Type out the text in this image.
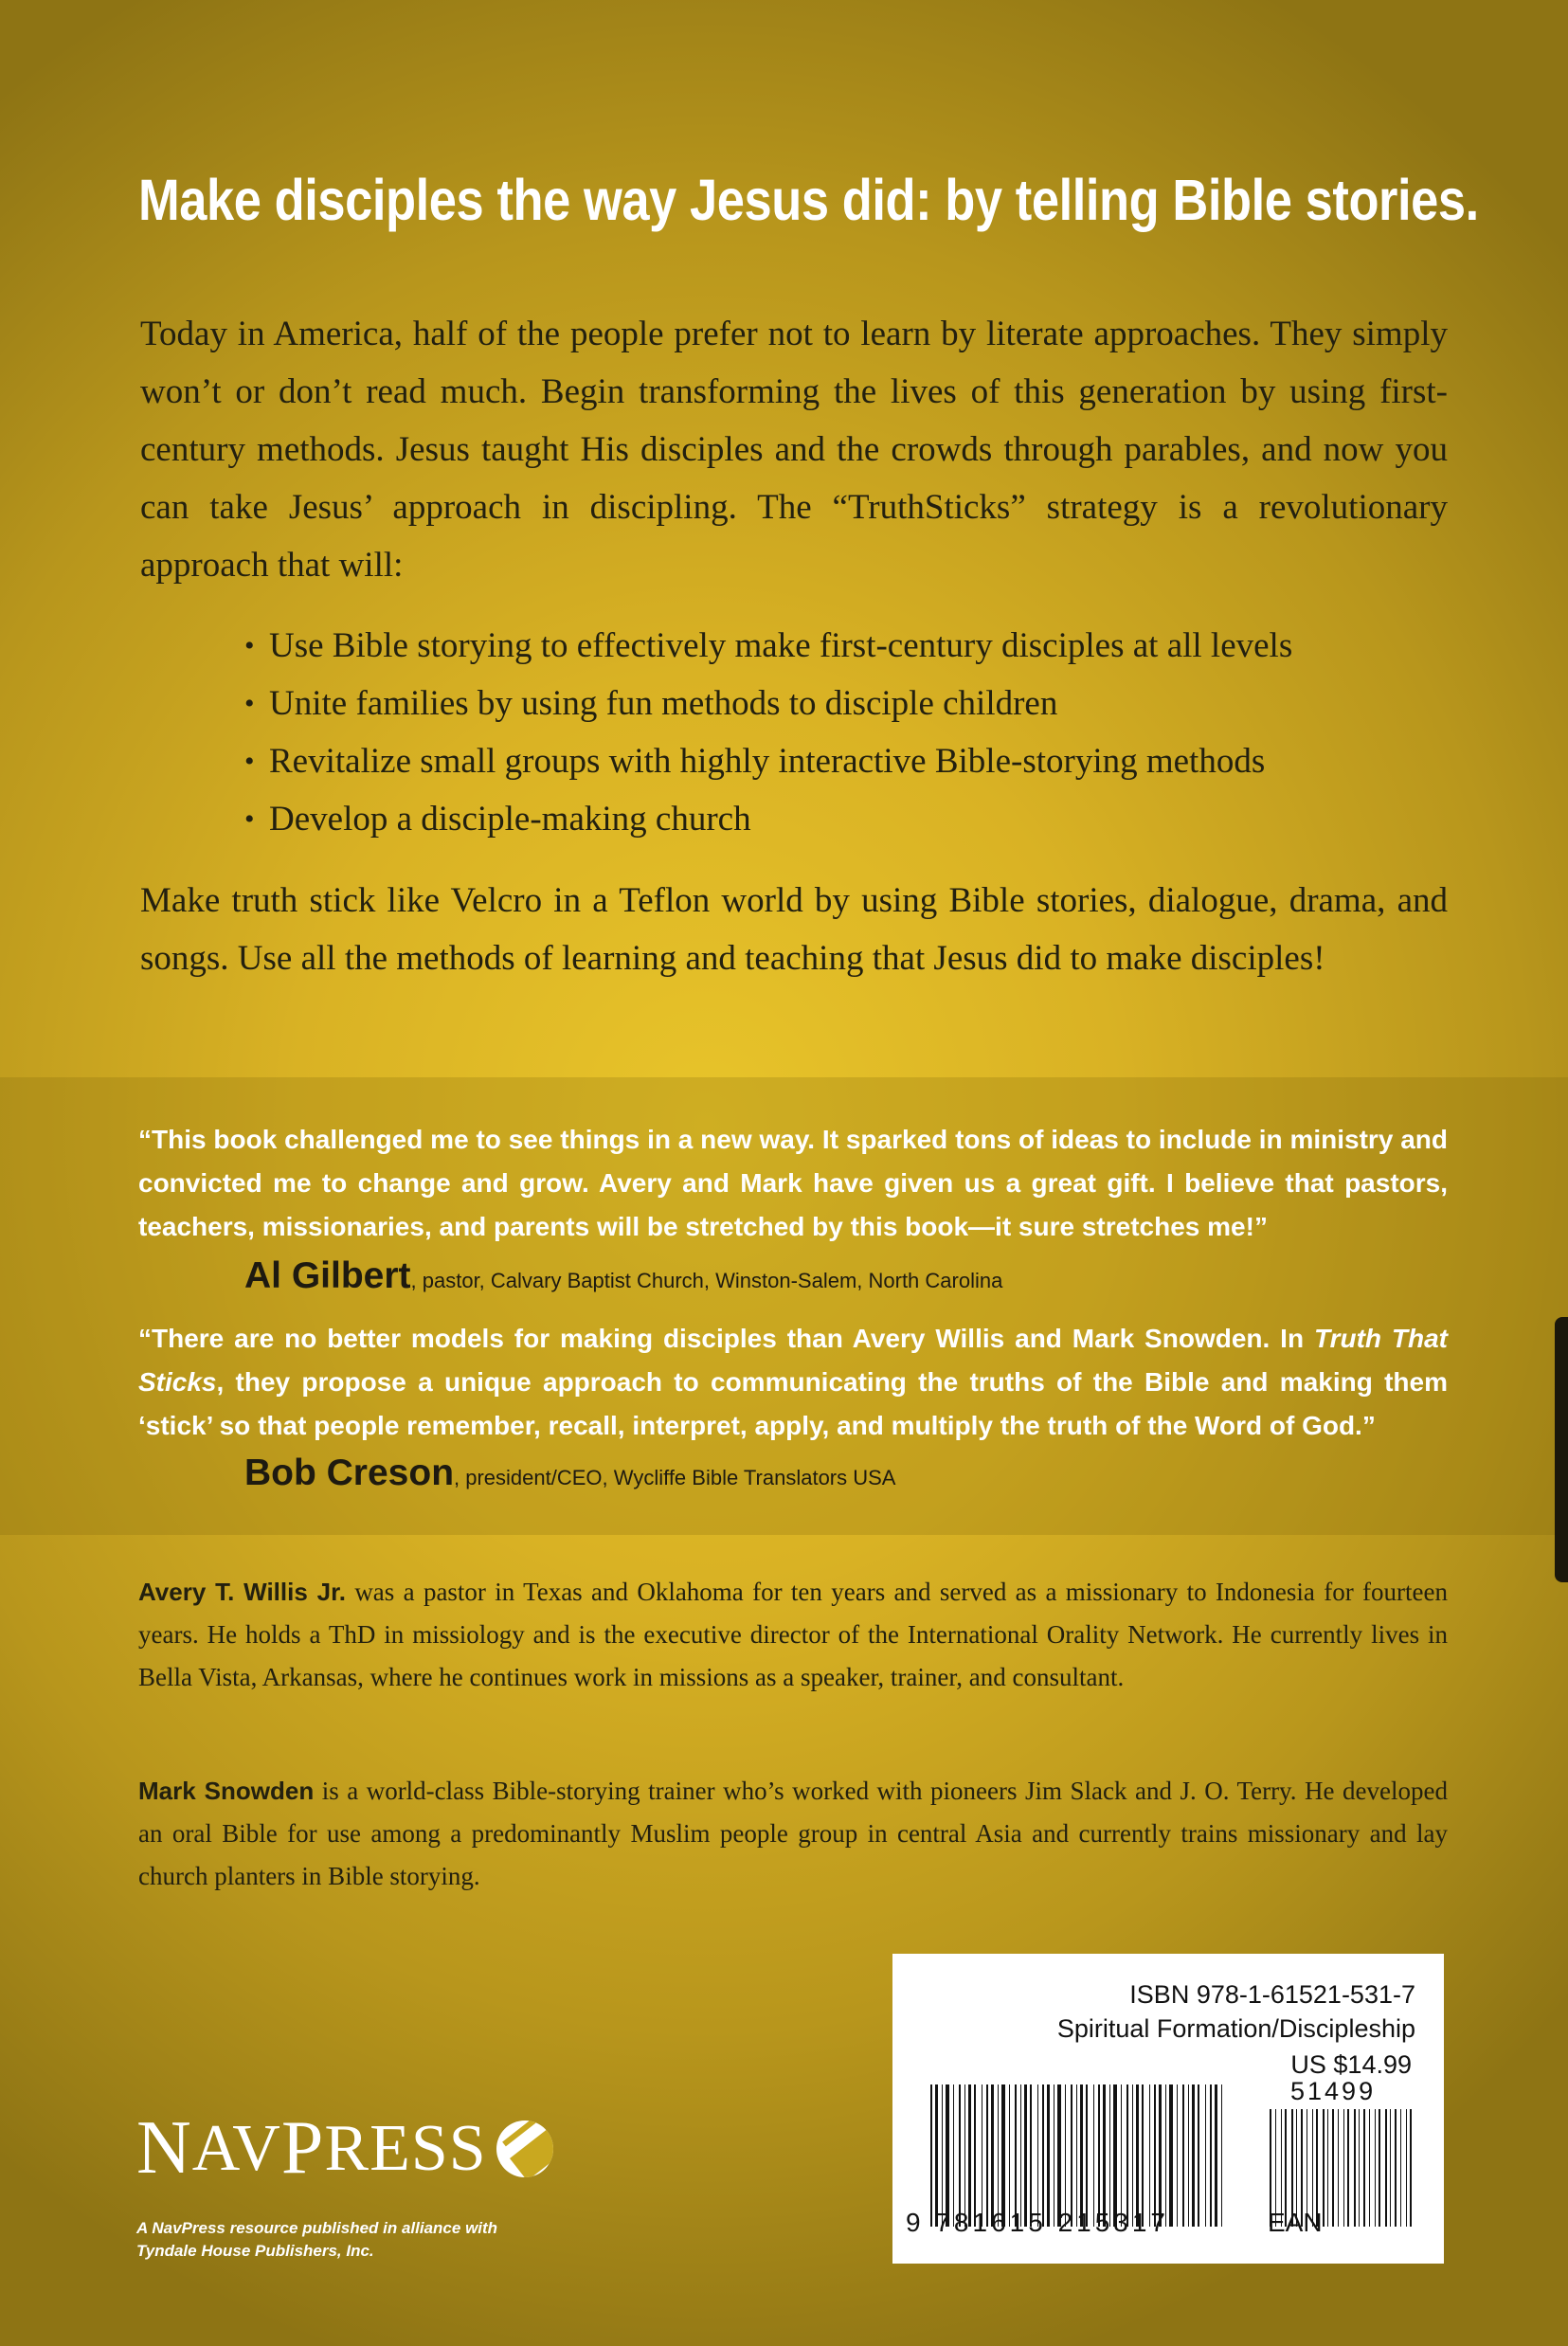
Make disciples the way Jesus did: by telling Bible stories.

Today in America, half of the people prefer not to learn by literate approaches. They simply won’t or don’t read much. Begin transforming the lives of this generation by using first-century methods. Jesus taught His disciples and the crowds through parables, and now you can take Jesus’ approach in discipling. The “TruthSticks” strategy is a revolutionary approach that will:

• Use Bible storying to effectively make first-century disciples at all levels
• Unite families by using fun methods to disciple children
• Revitalize small groups with highly interactive Bible-storying methods
• Develop a disciple-making church

Make truth stick like Velcro in a Teflon world by using Bible stories, dialogue, drama, and songs. Use all the methods of learning and teaching that Jesus did to make disciples!

“This book challenged me to see things in a new way. It sparked tons of ideas to include in ministry and convicted me to change and grow. Avery and Mark have given us a great gift. I believe that pastors, teachers, missionaries, and parents will be stretched by this book—it sure stretches me!”

Al Gilbert, pastor, Calvary Baptist Church, Winston-Salem, North Carolina

“There are no better models for making disciples than Avery Willis and Mark Snowden. In Truth That Sticks, they propose a unique approach to communicating the truths of the Bible and making them ‘stick’ so that people remember, recall, interpret, apply, and multiply the truth of the Word of God.”

Bob Creson, president/CEO, Wycliffe Bible Translators USA

Avery T. Willis Jr. was a pastor in Texas and Oklahoma for ten years and served as a missionary to Indonesia for fourteen years. He holds a ThD in missiology and is the executive director of the International Orality Network. He currently lives in Bella Vista, Arkansas, where he continues work in missions as a speaker, trainer, and consultant.

Mark Snowden is a world-class Bible-storying trainer who’s worked with pioneers Jim Slack and J. O. Terry. He developed an oral Bible for use among a predominantly Muslim people group in central Asia and currently trains missionary and lay church planters in Bible storying.

N AV P RESS
A NavPress resource published in alliance with Tyndale House Publishers, Inc.
ISBN 978-1-61521-531-7
Spiritual Formation/Discipleship
US $14.99
51499
9 781615 215317	EAN
